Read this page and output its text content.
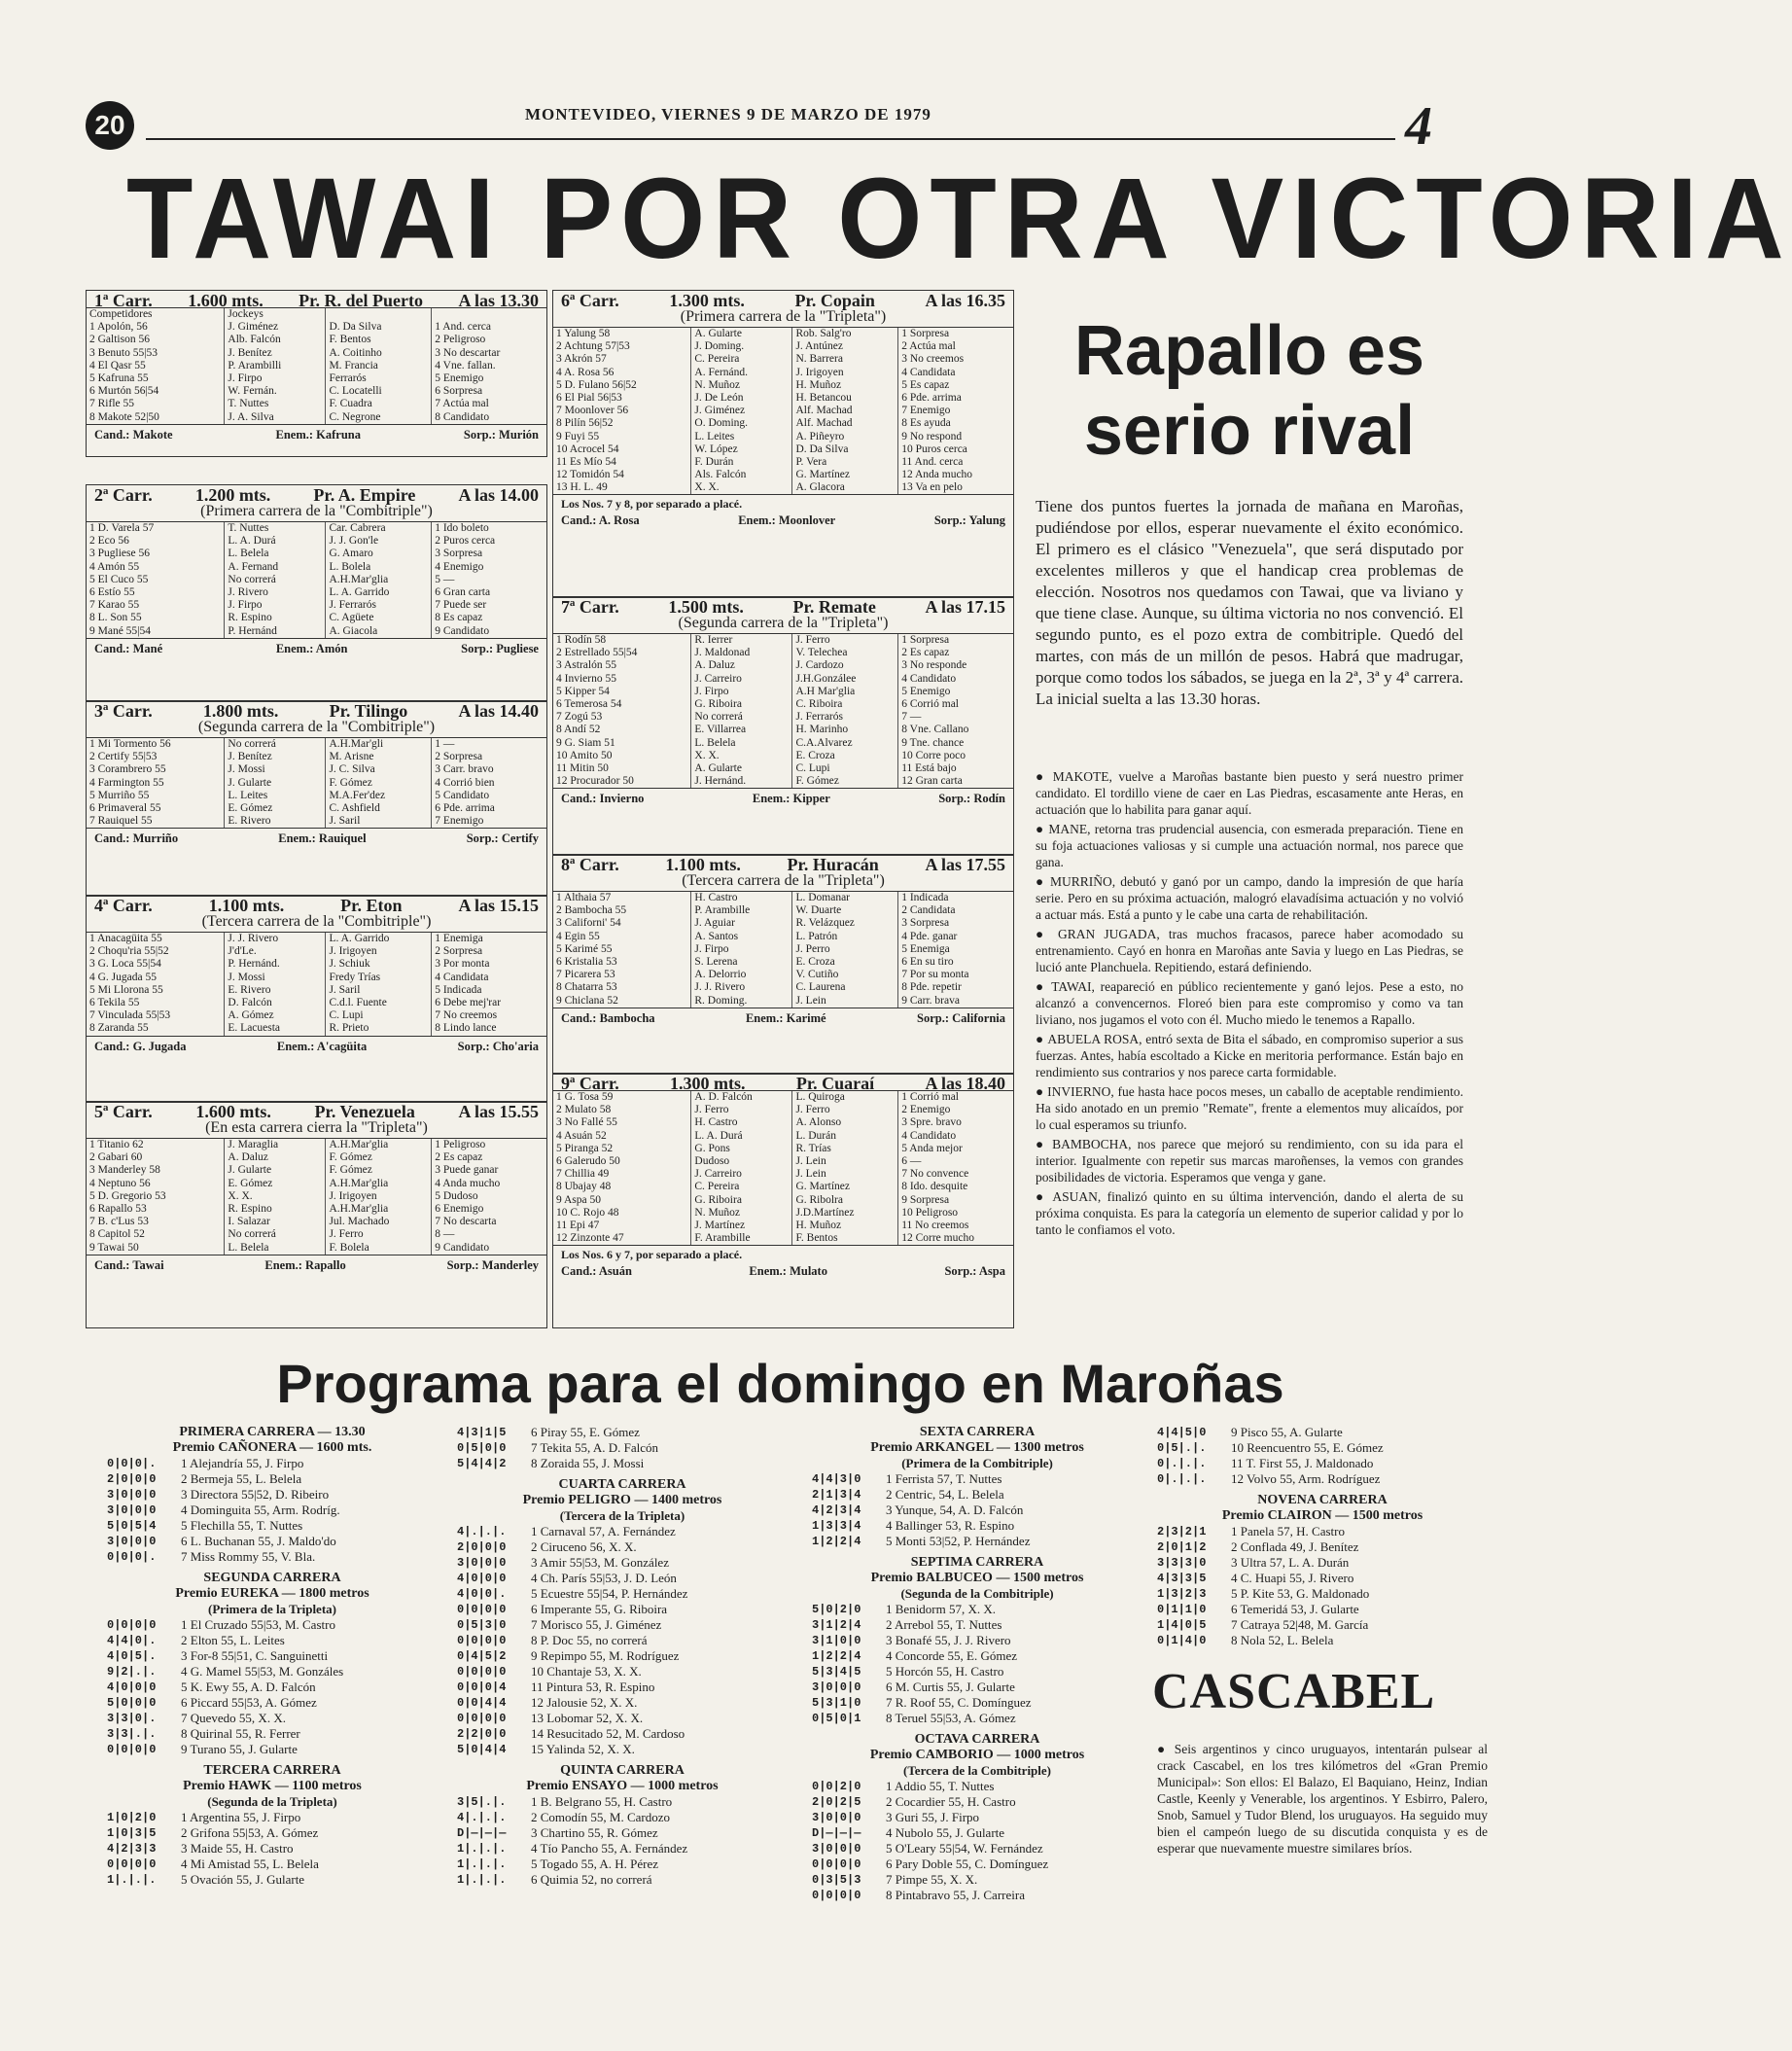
20	MONTEVIDEO, VIERNES 9 DE MARZO DE 1979	4
TAWAI POR OTRA VICTORIA
1ª Carr. 1.600 mts. Pr. R. del Puerto A las 13.30
Competidores	Jockeys		
1 Apolón, 56	J. Giménez	D. Da Silva	1 And. cerca
2 Galtison 56	Alb. Falcón	F. Bentos	2 Peligroso
3 Benuto 55|53	J. Benítez	A. Coitinho	3 No descartar
4 El Qasr 55	P. Arambilli	M. Francia	4 Vne. fallan.
5 Kafruna 55	J. Firpo	Ferrarós	5 Enemigo
6 Murtón 56|54	W. Fernán.	C. Locatelli	6 Sorpresa
7 Rifle 55	T. Nuttes	F. Cuadra	7 Actúa mal
8 Makote 52|50	J. A. Silva	C. Negrone	8 Candidato
Cand.: Makote	Enem.: Kafruna	Sorp.: Murión
2ª Carr. 1.200 mts. Pr. A. Empire A las 14.00
(Primera carrera de la "Combitriple")
1 D. Varela 57	T. Nuttes	Car. Cabrera	1 Ido boleto
2 Eco 56	L. A. Durá	J. J. Gon'le	2 Puros cerca
3 Pugliese 56	L. Belela	G. Amaro	3 Sorpresa
4 Amón 55	A. Fernand	L. Bolela	4 Enemigo
5 El Cuco 55	No correrá	A.H.Mar'glia	5 —
6 Estío 55	J. Rivero	L. A. Garrido	6 Gran carta
7 Karao 55	J. Firpo	J. Ferrarós	7 Puede ser
8 L. Son 55	R. Espino	C. Agüete	8 Es capaz
9 Mané 55|54	P. Hernánd	A. Giacola	9 Candidato
Cand.: Mané	Enem.: Amón	Sorp.: Pugliese
3ª Carr.	1.800 mts.	Pr. Tilingo	A las 14.40
(Segunda carrera de la "Combitriple")
1 Mi Tormento 56	No correrá	A.H.Mar'gli	1 —
2 Certify 55|53	J. Benítez	M. Arisne	2 Sorpresa
3 Corambrero 55	J. Mossi	J. C. Silva	3 Carr. bravo
4 Farmington 55	J. Gularte	F. Gómez	4 Corrió bien
5 Murriño 55	L. Leites	M.A.Fer'dez	5 Candidato
6 Primaveral 55	E. Gómez	C. Ashfield	6 Pde. arrima
7 Rauiquel 55	E. Rivero	J. Saril	7 Enemigo
Cand.: Murriño	Enem.: Rauiquel	Sorp.: Certify
4ª Carr.	1.100 mts.	Pr. Eton	A las 15.15
(Tercera carrera de la "Combitriple")
1 Anacagüita 55	J. J. Rivero	L. A. Garrido	1 Enemiga
2 Choqu'ria 55|52	J'd'Le.	J. Irigoyen	2 Sorpresa
3 G. Loca 55|54	P. Hernánd.	J. Schiuk	3 Por monta
4 G. Jugada 55	J. Mossi	Fredy Trías	4 Candidata
5 Mi Llorona 55	E. Rivero	J. Saril	5 Indicada
6 Tekila 55	D. Falcón	C.d.l. Fuente	6 Debe mej'rar
7 Vinculada 55|53	A. Gómez	C. Lupi	7 No creemos
8 Zaranda 55	E. Lacuesta	R. Prieto	8 Lindo lance
Cand.: G. Jugada	Enem.: A'cagüita	Sorp.: Cho'aria
5ª Carr. 1.600 mts. Pr. Venezuela A las 15.55
(En esta carrera cierra la "Tripleta")
1 Titanio 62	J. Maraglia	A.H.Mar'glia	1 Peligroso
2 Gabari 60	A. Daluz	F. Gómez	2 Es capaz
3 Manderley 58	J. Gularte	F. Gómez	3 Puede ganar
4 Neptuno 56	E. Gómez	A.H.Mar'glia	4 Anda mucho
5 D. Gregorio 53	X. X.	J. Irigoyen	5 Dudoso
6 Rapallo 53	R. Espino	A.H.Mar'glia	6 Enemigo
7 B. c'Lus 53	I. Salazar	Jul. Machado	7 No descarta
8 Capitol 52	No correrá	J. Ferro	8 —
9 Tawai 50	L. Belela	F. Bolela	9 Candidato
Cand.: Tawai	Enem.: Rapallo	Sorp.: Manderley
6ª Carr.	1.300 mts.	Pr. Copain	A las 16.35
(Primera carrera de la "Tripleta")
1 Yalung 58	A. Gularte	Rob. Salg'ro	1 Sorpresa
2 Achtung 57|53	J. Doming.	J. Antúnez	2 Actúa mal
3 Akrón 57	C. Pereira	N. Barrera	3 No creemos
4 A. Rosa 56	A. Fernánd.	J. Irigoyen	4 Candidata
5 D. Fulano 56|52	N. Muñoz	H. Muñoz	5 Es capaz
6 El Pial 56|53	J. De León	H. Betancou	6 Pde. arrima
7 Moonlover 56	J. Giménez	Alf. Machad	7 Enemigo
8 Pilín 56|52	O. Doming.	Alf. Machad	8 Es ayuda
9 Fuyi 55	L. Leites	A. Piñeyro	9 No respond
10 Acrocel 54	W. López	D. Da Silva	10 Puros cerca
11 Es Mío 54	F. Durán	P. Vera	11 And. cerca
12 Tomidón 54	Als. Falcón	G. Martínez	12 Anda mucho
13 H. L. 49	X. X.	A. Glacora	13 Va en pelo
Los Nos. 7 y 8, por separado a placé.
Cand.: A. Rosa	Enem.: Moonlover	Sorp.: Yalung
7ª Carr.	1.500 mts.	Pr. Remate	A las 17.15
(Segunda carrera de la "Tripleta")
1 Rodín 58	R. Ierrer	J. Ferro	1 Sorpresa
2 Estrellado 55|54	J. Maldonad	V. Telechea	2 Es capaz
3 Astralón 55	A. Daluz	J. Cardozo	3 No responde
4 Invierno 55	J. Carreiro	J.H.Gonzálee	4 Candidato
5 Kipper 54	J. Firpo	A.H Mar'glia	5 Enemigo
6 Temerosa 54	G. Riboira	C. Riboira	6 Corrió mal
7 Zogú 53	No correrá	J. Ferrarós	7 —
8 Andí 52	E. Villarrea	H. Marinho	8 Vne. Callano
9 G. Siam 51	L. Belela	C.A.Alvarez	9 Tne. chance
10 Amito 50	X. X.	E. Croza	10 Corre poco
11 Mitin 50	A. Gularte	C. Lupi	11 Está bajo
12 Procurador 50	J. Hernánd.	F. Gómez	12 Gran carta
Cand.: Invierno	Enem.: Kipper	Sorp.: Rodín
8ª Carr.	1.100 mts.	Pr. Huracán	A las 17.55
(Tercera carrera de la "Tripleta")
1 Althaia 57	H. Castro	L. Domanar	1 Indicada
2 Bambocha 55	P. Arambille	W. Duarte	2 Candidata
3 Californi' 54	J. Aguiar	R. Velázquez	3 Sorpresa
4 Egin 55	A. Santos	L. Patrón	4 Pde. ganar
5 Karimé 55	J. Firpo	J. Perro	5 Enemiga
6 Kristalia 53	S. Lerena	E. Croza	6 En su tiro
7 Picarera 53	A. Delorrio	V. Cutiño	7 Por su monta
8 Chatarra 53	J. J. Rivero	C. Laurena	8 Pde. repetir
9 Chiclana 52	R. Doming.	J. Lein	9 Carr. brava
Cand.: Bambocha	Enem.: Karimé	Sorp.: California
9ª Carr.	1.300 mts.	Pr. Cuaraí	A las 18.40
1 G. Tosa 59	A. D. Falcón	L. Quiroga	1 Corrió mal
2 Mulato 58	J. Ferro	J. Ferro	2 Enemigo
3 No Fallé 55	H. Castro	A. Alonso	3 Spre. bravo
4 Asuán 52	L. A. Durá	L. Durán	4 Candidato
5 Piranga 52	G. Pons	R. Trías	5 Anda mejor
6 Galerudo 50	Dudoso	J. Lein	6 —
7 Chillia 49	J. Carreiro	J. Lein	7 No convence
8 Ubajay 48	C. Pereira	G. Martínez	8 Ido. desquite
9 Aspa 50	G. Riboira	G. Ribolra	9 Sorpresa
10 C. Rojo 48	N. Muñoz	J.D.Martínez	10 Peligroso
11 Epi 47	J. Martínez	H. Muñoz	11 No creemos
12 Zinzonte 47	F. Arambille	F. Bentos	12 Corre mucho
Los Nos. 6 y 7, por separado a placé.
Cand.: Asuán	Enem.: Mulato	Sorp.: Aspa
Rapallo es serio rival

Tiene dos puntos fuertes la jornada de mañana en Maroñas, pudiéndose por ellos, esperar nuevamente el éxito económico. El primero es el clásico "Venezuela", que será disputado por excelentes milleros y que el handicap crea problemas de elección. Nosotros nos quedamos con Tawai, que va liviano y que tiene clase. Aunque, su última victoria no nos convenció. El segundo punto, es el pozo extra de combitriple. Quedó del martes, con más de un millón de pesos. Habrá que madrugar, porque como todos los sábados, se juega en la 2ª, 3ª y 4ª carrera. La inicial suelta a las 13.30 horas.

● MAKOTE, vuelve a Maroñas bastante bien puesto y será nuestro primer candidato. El tordillo viene de caer en Las Piedras, escasamente ante Heras, en actuación que lo habilita para ganar aquí.

● MANE, retorna tras prudencial ausencia, con esmerada preparación. Tiene en su foja actuaciones valiosas y si cumple una actuación normal, nos parece que gana.

● MURRIÑO, debutó y ganó por un campo, dando la impresión de que haría serie. Pero en su próxima actuación, malogró elavadísima actuación y no volvió a actuar más. Está a punto y le cabe una carta de rehabilitación.

● GRAN JUGADA, tras muchos fracasos, parece haber acomodado su entrenamiento. Cayó en honra en Maroñas ante Savia y luego en Las Piedras, se lució ante Planchuela. Repitiendo, estará definiendo.

● TAWAI, reapareció en público recientemente y ganó lejos. Pese a esto, no alcanzó a convencernos. Floreó bien para este compromiso y como va tan liviano, nos jugamos el voto con él. Mucho miedo le tenemos a Rapallo.

● ABUELA ROSA, entró sexta de Bita el sábado, en compromiso superior a sus fuerzas. Antes, había escoltado a Kicke en meritoria performance. Están bajo en rendimiento sus contrarios y nos parece carta formidable.

● INVIERNO, fue hasta hace pocos meses, un caballo de aceptable rendimiento. Ha sido anotado en un premio "Remate", frente a elementos muy alicaídos, por lo cual esperamos su triunfo.

● BAMBOCHA, nos parece que mejoró su rendimiento, con su ida para el interior. Igualmente con repetir sus marcas maroñenses, la vemos con grandes posibilidades de victoria. Esperamos que venga y gane.

● ASUAN, finalizó quinto en su última intervención, dando el alerta de su próxima conquista. Es para la categoría un elemento de superior calidad y por lo tanto le confiamos el voto.

Programa para el domingo en Maroñas
PRIMERA CARRERA — 13.30
Premio CAÑONERA — 1600 mts.
0|0|0|.	1 Alejandría 55, J. Firpo
2|0|0|0	2 Bermeja 55, L. Belela
3|0|0|0	3 Directora 55|52, D. Ribeiro
3|0|0|0	4 Dominguita 55, Arm. Rodríg.
5|0|5|4	5 Flechilla 55, T. Nuttes
3|0|0|0	6 L. Buchanan 55, J. Maldo'do
0|0|0|.	7 Miss Rommy 55, V. Bla.
SEGUNDA CARRERA
Premio EUREKA — 1800 metros
(Primera de la Tripleta)
0|0|0|0	1 El Cruzado 55|53, M. Castro
4|4|0|.	2 Elton 55, L. Leites
4|0|5|.	3 For-8 55|51, C. Sanguinetti
9|2|.|.	4 G. Mamel 55|53, M. Gonzáles
4|0|0|0	5 K. Ewy 55, A. D. Falcón
5|0|0|0	6 Piccard 55|53, A. Gómez
3|3|0|.	7 Quevedo 55, X. X.
3|3|.|.	8 Quirinal 55, R. Ferrer
0|0|0|0	9 Turano 55, J. Gularte
TERCERA CARRERA
Premio HAWK — 1100 metros
(Segunda de la Tripleta)
1|0|2|0	1 Argentina 55, J. Firpo
1|0|3|5	2 Grifona 55|53, A. Gómez
4|2|3|3	3 Maide 55, H. Castro
0|0|0|0	4 Mi Amistad 55, L. Belela
1|.|.|.	5 Ovación 55, J. Gularte
4|3|1|5	6 Piray 55, E. Gómez
0|5|0|0	7 Tekita 55, A. D. Falcón
5|4|4|2	8 Zoraida 55, J. Mossi
CUARTA CARRERA
Premio PELIGRO — 1400 metros
(Tercera de la Tripleta)
4|.|.|.	1 Carnaval 57, A. Fernández
2|0|0|0	2 Ciruceno 56, X. X.
3|0|0|0	3 Amir 55|53, M. González
4|0|0|0	4 Ch. París 55|53, J. D. León
4|0|0|.	5 Ecuestre 55|54, P. Hernández
0|0|0|0	6 Imperante 55, G. Riboira
0|5|3|0	7 Morisco 55, J. Giménez
0|0|0|0	8 P. Doc 55, no correrá
0|4|5|2	9 Repimpo 55, M. Rodríguez
0|0|0|0	10 Chantaje 53, X. X.
0|0|0|4	11 Pintura 53, R. Espino
0|0|4|4	12 Jalousie 52, X. X.
0|0|0|0	13 Lobomar 52, X. X.
2|2|0|0	14 Resucitado 52, M. Cardoso
5|0|4|4	15 Yalinda 52, X. X.
QUINTA CARRERA
Premio ENSAYO — 1000 metros
3|5|.|.	1 B. Belgrano 55, H. Castro
4|.|.|.	2 Comodín 55, M. Cardozo
D|—|—|—	3 Chartino 55, R. Gómez
1|.|.|.	4 Tío Pancho 55, A. Fernández
1|.|.|.	5 Togado 55, A. H. Pérez
1|.|.|.	6 Quimia 52, no correrá
SEXTA CARRERA
Premio ARKANGEL — 1300 metros
(Primera de la Combitriple)
4|4|3|0	1 Ferrista 57, T. Nuttes
2|1|3|4	2 Centric, 54, L. Belela
4|2|3|4	3 Yunque, 54, A. D. Falcón
1|3|3|4	4 Ballinger 53, R. Espino
1|2|2|4	5 Monti 53|52, P. Hernández
SEPTIMA CARRERA
Premio BALBUCEO — 1500 metros
(Segunda de la Combitriple)
5|0|2|0	1 Benidorm 57, X. X.
3|1|2|4	2 Arrebol 55, T. Nuttes
3|1|0|0	3 Bonafé 55, J. J. Rivero
1|2|2|4	4 Concorde 55, E. Gómez
5|3|4|5	5 Horcón 55, H. Castro
3|0|0|0	6 M. Curtis 55, J. Gularte
5|3|1|0	7 R. Roof 55, C. Domínguez
0|5|0|1	8 Teruel 55|53, A. Gómez
OCTAVA CARRERA
Premio CAMBORIO — 1000 metros
(Tercera de la Combitriple)
0|0|2|0	1 Addio 55, T. Nuttes
2|0|2|5	2 Cocardier 55, H. Castro
3|0|0|0	3 Guri 55, J. Firpo
D|—|—|—	4 Nubolo 55, J. Gularte
3|0|0|0	5 O'Leary 55|54, W. Fernández
0|0|0|0	6 Pary Doble 55, C. Domínguez
0|3|5|3	7 Pimpe 55, X. X.
0|0|0|0	8 Pintabravo 55, J. Carreira
4|4|5|0	9 Pisco 55, A. Gularte
0|5|.|.	10 Reencuentro 55, E. Gómez
0|.|.|.	11 T. First 55, J. Maldonado
0|.|.|.	12 Volvo 55, Arm. Rodríguez
NOVENA CARRERA
Premio CLAIRON — 1500 metros
2|3|2|1	1 Panela 57, H. Castro
2|0|1|2	2 Conflada 49, J. Benítez
3|3|3|0	3 Ultra 57, L. A. Durán
4|3|3|5	4 C. Huapi 55, J. Rivero
1|3|2|3	5 P. Kite 53, G. Maldonado
0|1|1|0	6 Temeridá 53, J. Gularte
1|4|0|5	7 Catraya 52|48, M. García
0|1|4|0	8 Nola 52, L. Belela
CASCABEL
● Seis argentinos y cinco uruguayos, intentarán pulsear al crack Cascabel, en los tres kilómetros del «Gran Premio Municipal»: Son ellos: El Balazo, El Baquiano, Heinz, Indian Castle, Keenly y Venerable, los argentinos. Y Esbirro, Palero, Snob, Samuel y Tudor Blend, los uruguayos. Ha seguido muy bien el campeón luego de su discutida conquista y es de esperar que nuevamente muestre similares bríos.
